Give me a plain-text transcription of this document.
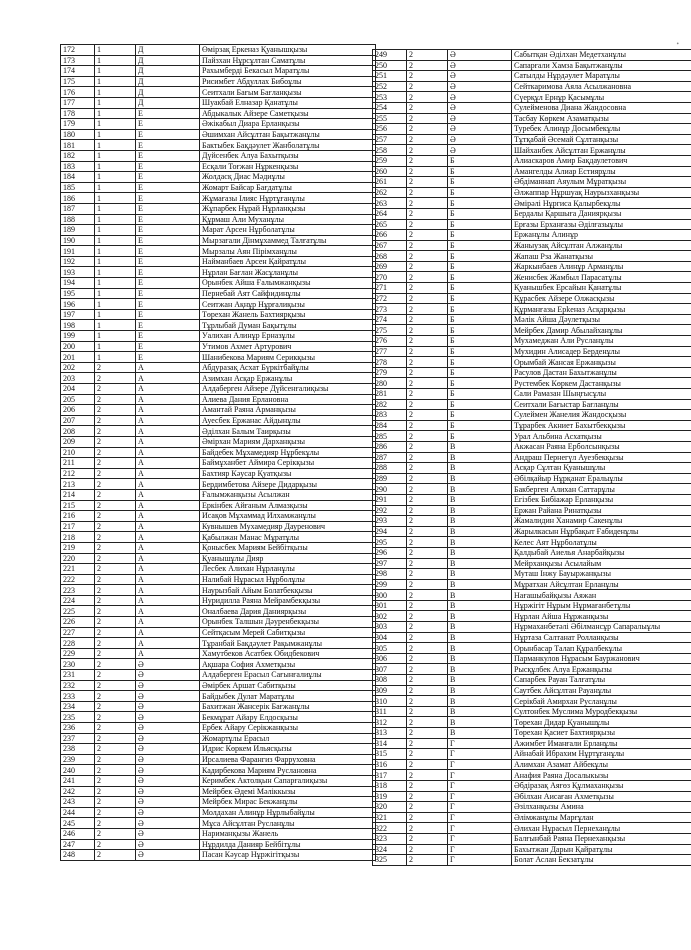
172	1	Д	Өмірзақ Еркеназ Қуанышқызы
173	1	Д	Пайзхан Нұрсұлтан Саматұлы
174	1	Д	Рахымбердi Бекасыл Маратұлы
175	1	Д	Рисимбет Абдуллах Бибоұлы
176	1	Д	Сеитхали Бағым Бағланқызы
177	1	Д	Шуакбай Елназар Қанатұлы
178	1	Е	Абдыкалык Айзере Саметқызы
179	1	Е	Әжікабыл Диара Ерланқызы
180	1	Е	Әшимхан Айсұлтан Бақытжанұлы
181	1	Е	Бактыбек Бақдәулет Жанболатұлы
182	1	Е	Дүйсенбек Алуа Бахытқызы
183	1	Е	Есқали Тоғжан Нұркенқызы
184	1	Е	Жолдасқ Диас Мәдиұлы
185	1	Е	Жомарт Байсар Бағдатұлы
186	1	Е	Жұмағазы Ілияс Нұртұғанұлы
187	1	Е	Жұпарбек Нұрай Нұрланқызы
188	1	Е	Құрмаш Али Муханұлы
189	1	Е	Марат Арсен Нұрболатұлы
190	1	Е	Мырзағали Дінмұхаммед Талғатұлы
191	1	Е	Мырзалы Аян Пірімханұлы
192	1	Е	Найманбаев Арсен Қайратұлы
193	1	Е	Нұрлан Бағлан Жасұланұлы
194	1	Е	Орынбек Айша Ғалымжанқызы
195	1	Е	Пернебай Аят Сайфидинұлы
196	1	Е	Сеитжан Ақнұр Нұрғалиқызы
197	1	Е	Төрехан Жанель Бахтиярқызы
198	1	Е	Тұрлыбай Думан Бақытұлы
199	1	Е	Уалихан Алинұр Ерназұлы
200	1	Е	Утимов Ахмет Артурович
201	1	Е	Шанибекова Мариям Серикқызы
202	2	А	Абдуразақ Асхат Бүркітбайұлы
203	2	А	Азимхан Асқар Ержанұлы
204	2	А	Алдаберген Айзере Дүйсенғалиқызы
205	2	А	Алиева Дания Ерлановна
206	2	А	Амантай Раяна Арманқызы
207	2	А	Ауесбек Ержанас Айдынұлы
208	2	А	Әділхан Балым Таирқызы
209	2	А	Әмірхан Мариям Дарханқызы
210	2	А	Байдебек Мұхамедияр Нұрбекұлы
211	2	А	Баймұханбет Аймира Серікқызы
212	2	А	Бахтияр Кәусар Қуатқызы
213	2	А	Бердимбетова Айзере Дидарқызы
214	2	А	Ғалымжанқызы Асылжан
215	2	А	Еркінбек Айғаным Алмазқызы
216	2	А	Исақов Мұхаммад Илхамжанұлы
217	2	А	Кувнышев Мухамедияр Дауренович
218	2	А	Қабылжан Манас Мұратұлы
219	2	А	Қонысбек Мариям Бейбітқызы
220	2	А	Қуанышұлы Дияр
221	2	А	Лесбек Алихан Нұрланұлы
222	2	А	Налибай Нұрасыл Нұрболұлы
223	2	А	Наурызбай Айым Болатбекқызы
224	2	А	Нуридилла Раяна Мейрамбекқызы
225	2	А	Оналбаева Дария Даниярқызы
226	2	А	Орынбек Талшын Дәуренбекқызы
227	2	А	Сейтқасым Мерей Сабитқызы
228	2	А	Тұранбай Бақдәулет Рақымжанұлы
229	2	А	Хамутбеков Асатбек Обидбекович
230	2	Ә	Ақшара София Ахметқызы
231	2	Ә	Алдаберген Ерасыл Сағынғалиұлы
232	2	Ә	Әмірбек Аршат Сабитқызы
233	2	Ә	Байдыбек Дулат Маратұлы
234	2	Ә	Бахитжан Жансерік Бағжанұлы
235	2	Ә	Бекмұрат Айару Елдосқызы
236	2	Ә	Ербек Айару Серікжанқызы
237	2	Ә	Жомартұлы Ерасыл
238	2	Ә	Идрис Көркем Ильясқызы
239	2	Ә	Ирсалиева Фарангиз Фарруховна
240	2	Ә	Кадирбекова Мариям Руслановна
241	2	Ә	Керимбек Актолқын Сапарғалиқызы
242	2	Ә	Мейрбек Әдемі Мәліккызы
243	2	Ә	Мейрбек Мирас Бекжанұлы
244	2	Ә	Молдахан Алинұр Нұрлыбайұлы
245	2	Ә	Мұса Айсұлтан Русланұлы
246	2	Ә	Нариманқызы Жанель
247	2	Ә	Нұрдилда Данияр Бейбітұлы
248	2	Ә	Пасан Кәусар Нұржігітқызы
249	2	Ә	Сабытқан Әділхан Медетханұлы
250	2	Ә	Сапарғали Хамза Бақытжанұлы
251	2	Ә	Сатылды Нұрдәулет Маратұлы
252	2	Ә	Сейткаримова Аяла Асылжановна
253	2	Ә	Сүерқұл Ернұр Қасымұлы
254	2	Ә	Сулейменова Диана Жандосовна
255	2	Ә	Тасбау Көркем Азаматқызы
256	2	Ә	Туребек Алинұр Досымбекұлы
257	2	Ә	Тұтқабай Әсемай Сұлтанқызы
258	2	Ә	Шайханбек Айсұлтан Ержанұлы
259	2	Б	Алиаскаров Амир Бақдаулетович
260	2	Б	Амангелды Алиар Естиярұлы
261	2	Б	Әбдіманнап Аяулым Мұратқызы
262	2	Б	Әлжаппар Нұршуақ Наурызханқызы
263	2	Б	Әмірәлі Нұргиса Қалырбекұлы
264	2	Б	Бердалы Қаршыға Даниярқызы
265	2	Б	Ерғазы Ерханғазы Әділғазыұлы
266	2	Б	Ержанұлы Алинұр
267	2	Б	Жаныузақ Айсұлтан Алжанұлы
268	2	Б	Жапаш Рза Жанатқызы
269	2	Б	Жаркынбаев Алинұр Арманұлы
270	2	Б	Женисбек Жамбыл Парасатұлы
271	2	Б	Қуанышбек Ерсайын Қанатұлы
272	2	Б	Құрасбек Айзере Олжасқызы
273	2	Б	Құрманғазы Ерkeназ Асқарқызы
274	2	Б	Мәлік Айша Дәулетқызы
275	2	Б	Мейрбек Дамир Абылайханұлы
276	2	Б	Мухамеджан Али Русланұлы
277	2	Б	Мухидин Алисадер Берденұлы
278	2	Б	Орымбай Жансая Ержанқызы
279	2	Б	Расулов Дастан Бахытжанұлы
280	2	Б	Рустембек Көркем Дастанқызы
281	2	Б	Сали Рамазан Шыңғысұлы
282	2	Б	Сеитхали Бағыстар Бағланұлы
283	2	Б	Сулеймен Жанелия Жандосқызы
284	2	Б	Тұрарбек Акниет Бахытбекқызы
285	2	Б	Урал Альбина Асхатқызы
286	2	В	Акжасан Раяна Ерболсынқызы
287	2	В	Андраш Пернегүл Ауезбекқызы
288	2	В	Асқар Сұлтан Қуанышұлы
289	2	В	Әбілқайыр Нұрқанат Ералыұлы
290	2	В	Бакберген Алихан Саттарұлы
291	2	В	Егізбек Бибіажар Ерланқызы
292	2	В	Ержан Райана Ринатқызы
293	2	В	Жамалидин Ханамир Сакенұлы
294	2	В	Жарылкасын Нұрбақыт Ғабиденұлы
295	2	В	Келес Аят Нұрболатұлы
296	2	В	Қалдыбай Аиелья Анарбайқызы
297	2	В	Мейрханқызы Асылайым
298	2	В	Муташ Інжу Бауыржанқызы
299	2	В	Мұратхан Айсұлтан Ерланұлы
300	2	В	Нағашыбайқызы Аяжан
301	2	В	Нұржігіт Нұрым Нұрмағанбетұлы
302	2	В	Нұрлан Айша Нұржанқызы
303	2	В	Нұрмаханбетәлі Әбілмансұр Сапаралыұлы
304	2	В	Нұртаза Салтанат Ролланқызы
305	2	В	Орынбасар Талап Құралбекұлы
306	2	В	Парманкулов Нұрасым Бауржанович
307	2	В	Рысқұлбек Алуа Ержанқызы
308	2	В	Сапарбек Рауан Талғатұлы
309	2	В	Саутбек Айсұлтан Рауанұлы
310	2	В	Серікбай Амирхан Русланұлы
311	2	В	Султонбек Муслима Муродбекқызы
312	2	В	Төрехан Дидар Қуанышұлы
313	2	В	Төрехан Қасиет Бахтиярқызы
314	2	Г	Ажимбет Иманғали Ерланұлы
315	2	Г	Айнабай Ибрахим Нұртұғанұлы
316	2	Г	Алимхан Азамат Айбекұлы
317	2	Г	Анафия Раяна Досалыкызы
318	2	Г	Әбдіразақ Аяғөз Құлмаханқызы
319	2	Г	Әбілхан Аисаған Ахметқызы
320	2	Г	Әзілханқызы Амина
321	2	Г	Әлімжанұлы Марғұлан
322	2	Г	Әлихан Нұрасыл Пернеханұлы
323	2	Г	Балғынбай Раяна Пернеханқызы
324	2	Г	Бахытжан Дарын Қайратұлы
325	2	Г	Болат Аслан Бекзатұлы
•
